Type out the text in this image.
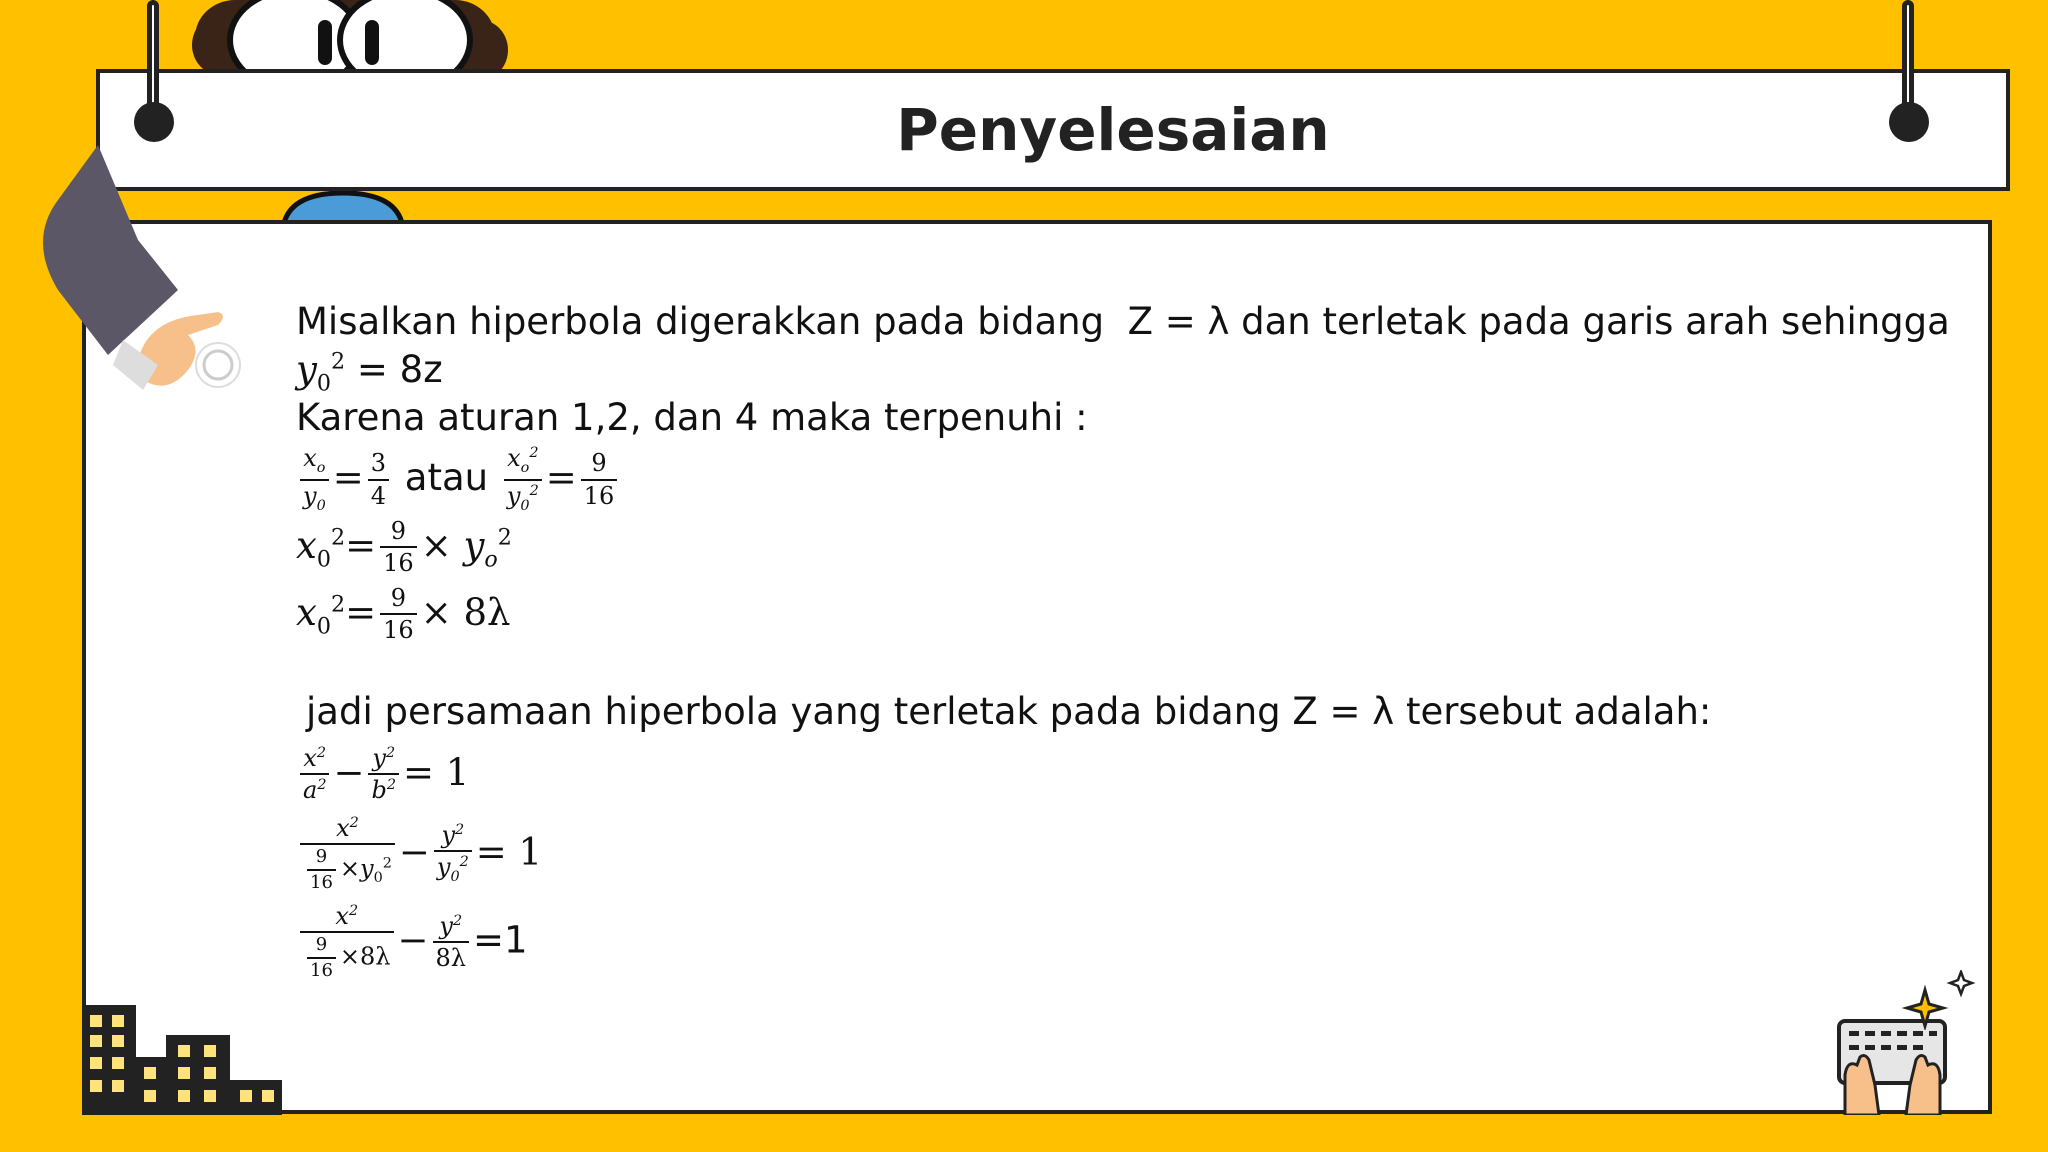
Penyelesaian
Misalkan hiperbola digerakkan pada bidang Z = λ dan terletak pada garis arah sehingga
$y_0^2 = 8z$
Karena aturan 1,2, dan 4 maka terpenuhi :
$\frac{x_o}{y_0} = \frac{3}{4}$ atau $\frac{x_o^2}{y_0^2} = \frac{9}{16}$
$x_0^2= \frac{9}{16} \times y_o^2$
$x_0^2= \frac{9}{16} \times 8\lambda$
jadi persamaan hiperbola yang terletak pada bidang Z = λ tersebut adalah:
$\frac{x^2}{a^2} - \frac{y^2}{b^2} = 1$
$\frac{x^2}{\frac{9}{16} \times y_0^2} - \frac{y^2}{y_0^2} = 1$
$\frac{x^2}{\frac{9}{16} \times 8\lambda} - \frac{y^2}{8\lambda} =1$
